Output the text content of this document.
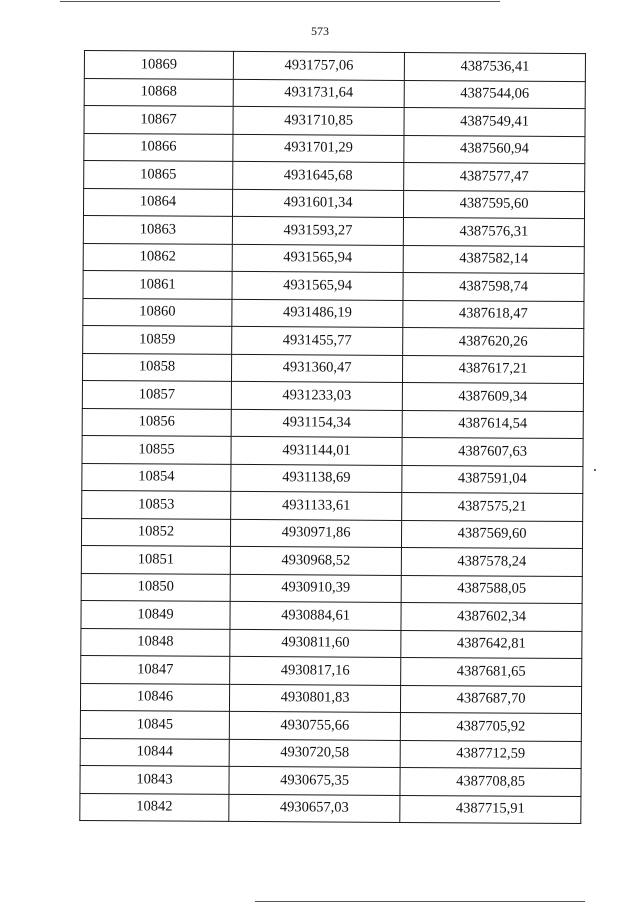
573
10869	4931757,06	4387536,41
10868	4931731,64	4387544,06
10867	4931710,85	4387549,41
10866	4931701,29	4387560,94
10865	4931645,68	4387577,47
10864	4931601,34	4387595,60
10863	4931593,27	4387576,31
10862	4931565,94	4387582,14
10861	4931565,94	4387598,74
10860	4931486,19	4387618,47
10859	4931455,77	4387620,26
10858	4931360,47	4387617,21
10857	4931233,03	4387609,34
10856	4931154,34	4387614,54
10855	4931144,01	4387607,63
10854	4931138,69	4387591,04
10853	4931133,61	4387575,21
10852	4930971,86	4387569,60
10851	4930968,52	4387578,24
10850	4930910,39	4387588,05
10849	4930884,61	4387602,34
10848	4930811,60	4387642,81
10847	4930817,16	4387681,65
10846	4930801,83	4387687,70
10845	4930755,66	4387705,92
10844	4930720,58	4387712,59
10843	4930675,35	4387708,85
10842	4930657,03	4387715,91
